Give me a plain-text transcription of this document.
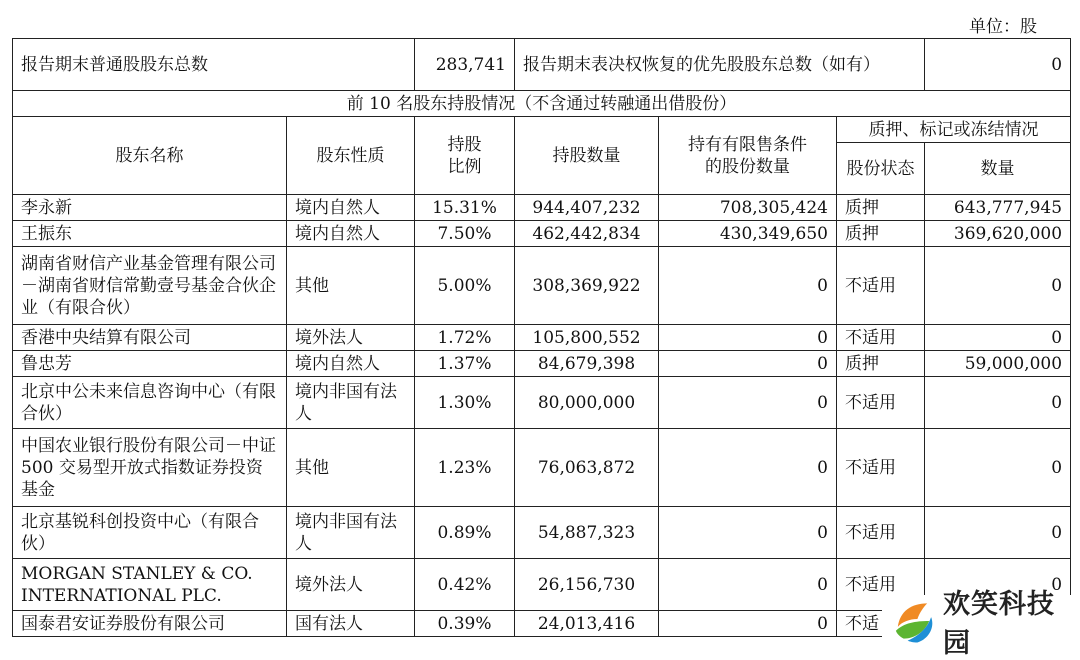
单位：股
报告期末普通股股东总数		283,741	报告期末表决权恢复的优先股股东总数（如有）			0
前 10 名股东持股情况（不含通过转融通出借股份）						
股东名称	股东性质	持股比例	持股数量	持有有限售条件的股份数量	质押、标记或冻结情况	
					股份状态	数量
李永新	境内自然人	15.31%	944,407,232	708,305,424	质押	643,777,945
王振东	境内自然人	7.50%	462,442,834	430,349,650	质押	369,620,000
湖南省财信产业基金管理有限公司－湖南省财信常勤壹号基金合伙企业（有限合伙）	其他	5.00%	308,369,922	0	不适用	0
香港中央结算有限公司	境外法人	1.72%	105,800,552	0	不适用	0
鲁忠芳	境内自然人	1.37%	84,679,398	0	质押	59,000,000
北京中公未来信息咨询中心（有限合伙）	境内非国有法人	1.30%	80,000,000	0	不适用	0
中国农业银行股份有限公司－中证 500 交易型开放式指数证券投资基金	其他	1.23%	76,063,872	0	不适用	0
北京基锐科创投资中心（有限合伙）	境内非国有法人	0.89%	54,887,323	0	不适用	0
MORGAN STANLEY & CO. INTERNATIONAL PLC.	境外法人	0.42%	26,156,730	0	不适用	0
国泰君安证券股份有限公司	国有法人	0.39%	24,013,416	0	不适	
欢笑科技园
